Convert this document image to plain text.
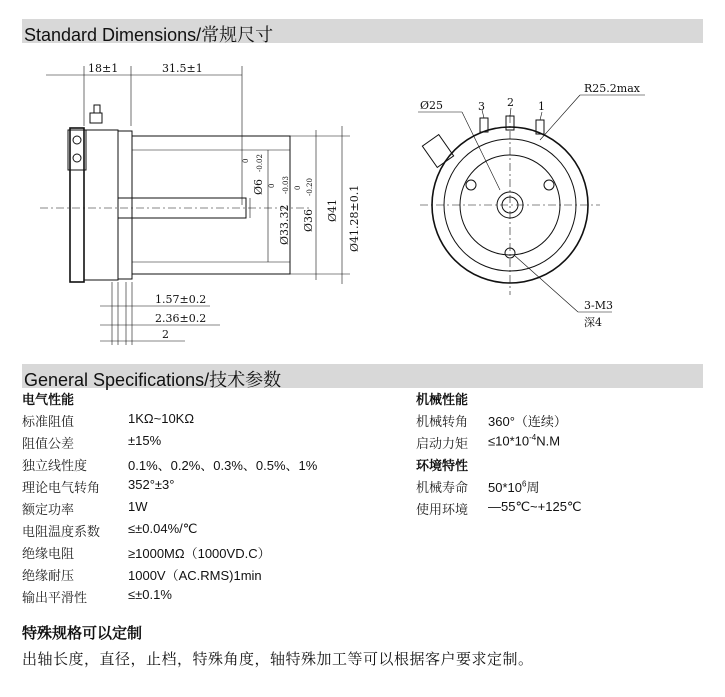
Standard Dimensions/常规尺寸
18±1	31.5±1
Ø6
0 -0.02
Ø33.32
0 -0.03
Ø36
0 -0.20
Ø41 Ø41.28±0.1
1.57±0.2
2.36±0.2
2
Ø25	3 2 1
R25.2max
3-M3
深4
General Specifications/技术参数
电气性能
标准阻值	1KΩ~10KΩ
阻值公差	±15%
独立线性度	0.1%、0.2%、0.3%、0.5%、1%
理论电气转角 352°±3°
额定功率	1W
电阻温度系数 ≤±0.04%/℃
绝缘电阻	≥1000MΩ（1000VD.C）
绝缘耐压	1000V（AC.RMS)1min
输出平滑性	≤±0.1%
机械性能
机械转角 360°（连续）
启动力矩 $\le 10*10^{-4}N.M$
环境特性
机械寿命 $50*10^6$周
使用环境 —55℃~+125℃
特殊规格可以定制
出轴长度，直径，止档，特殊角度，轴特殊加工等可以根据客户要求定制。
